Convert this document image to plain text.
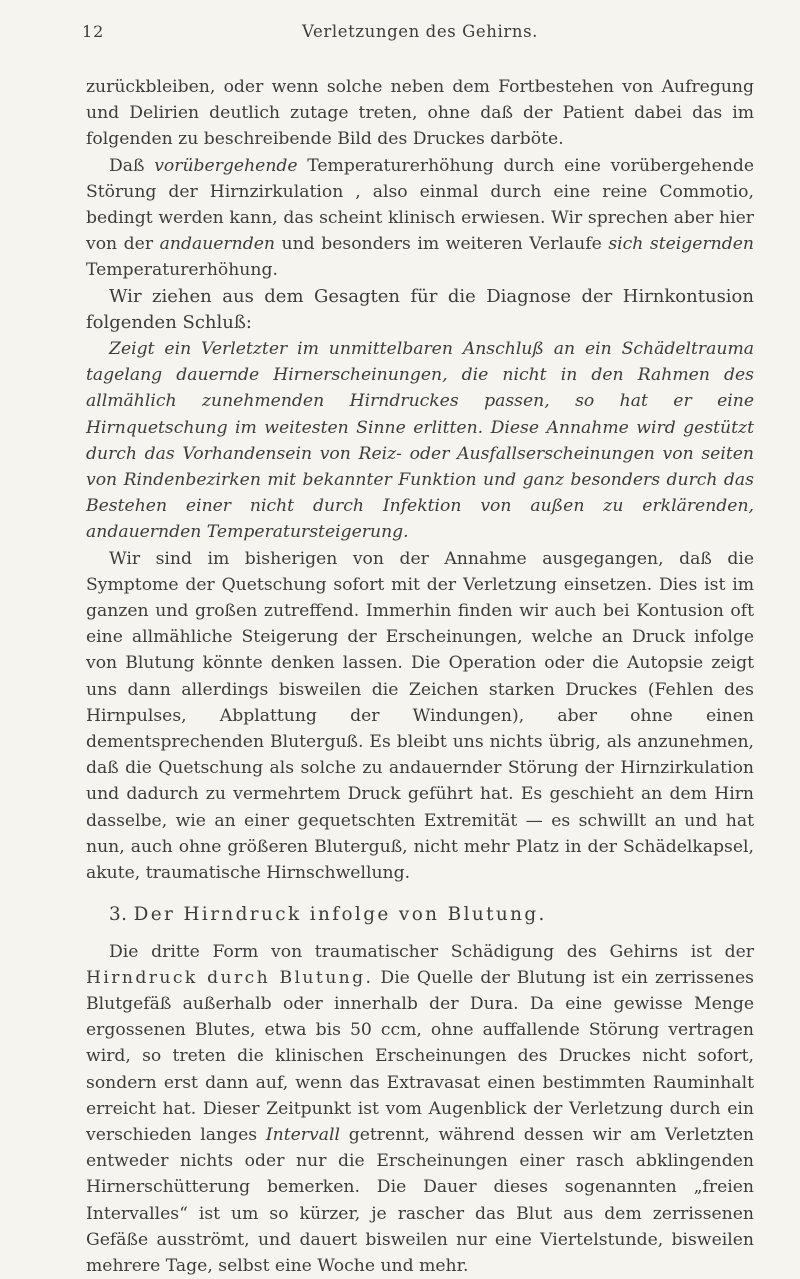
12	Verletzungen des Gehirns.

zurückbleiben, oder wenn solche neben dem Fortbestehen von Aufregung und Delirien deutlich zutage treten, ohne daß der Patient dabei das im folgenden zu beschreibende Bild des Druckes darböte.

Daß vorübergehende Temperaturerhöhung durch eine vorübergehende Störung der Hirnzirkulation , also einmal durch eine reine Commotio, bedingt werden kann, das scheint klinisch erwiesen. Wir sprechen aber hier von der andauernden und besonders im weiteren Verlaufe sich steigernden Temperaturerhöhung.

Wir ziehen aus dem Gesagten für die Diagnose der Hirnkontusion folgenden Schluß:

Zeigt ein Verletzter im unmittelbaren Anschluß an ein Schädeltrauma tagelang dauernde Hirnerscheinungen, die nicht in den Rahmen des allmählich zunehmenden Hirndruckes passen, so hat er eine Hirnquetschung im weitesten Sinne erlitten. Diese Annahme wird gestützt durch das Vorhandensein von Reiz- oder Ausfallserscheinungen von seiten von Rindenbezirken mit bekannter Funktion und ganz besonders durch das Bestehen einer nicht durch Infektion von außen zu erklärenden, andauernden Temperatursteigerung.

Wir sind im bisherigen von der Annahme ausgegangen, daß die Symptome der Quetschung sofort mit der Verletzung einsetzen. Dies ist im ganzen und großen zutreffend. Immerhin finden wir auch bei Kontusion oft eine allmähliche Steigerung der Erscheinungen, welche an Druck infolge von Blutung könnte denken lassen. Die Operation oder die Autopsie zeigt uns dann allerdings bisweilen die Zeichen starken Druckes (Fehlen des Hirnpulses, Abplattung der Windungen), aber ohne einen dementsprechenden Bluterguß. Es bleibt uns nichts übrig, als anzunehmen, daß die Quetschung als solche zu andauernder Störung der Hirnzirkulation und dadurch zu vermehrtem Druck geführt hat. Es geschieht an dem Hirn dasselbe, wie an einer gequetschten Extremität — es schwillt an und hat nun, auch ohne größeren Bluterguß, nicht mehr Platz in der Schädelkapsel, akute, traumatische Hirnschwellung.

3. Der Hirndruck infolge von Blutung.

Die dritte Form von traumatischer Schädigung des Gehirns ist der Hirndruck durch Blutung. Die Quelle der Blutung ist ein zerrissenes Blutgefäß außerhalb oder innerhalb der Dura. Da eine gewisse Menge ergossenen Blutes, etwa bis 50 ccm, ohne auffallende Störung vertragen wird, so treten die klinischen Erscheinungen des Druckes nicht sofort, sondern erst dann auf, wenn das Extravasat einen bestimmten Rauminhalt erreicht hat. Dieser Zeitpunkt ist vom Augenblick der Verletzung durch ein verschieden langes Intervall getrennt, während dessen wir am Verletzten entweder nichts oder nur die Erscheinungen einer rasch abklingenden Hirnerschütterung bemerken. Die Dauer dieses sogenannten „freien Intervalles“ ist um so kürzer, je rascher das Blut aus dem zerrissenen Gefäße ausströmt, und dauert bisweilen nur eine Viertelstunde, bisweilen mehrere Tage, selbst eine Woche und mehr.
